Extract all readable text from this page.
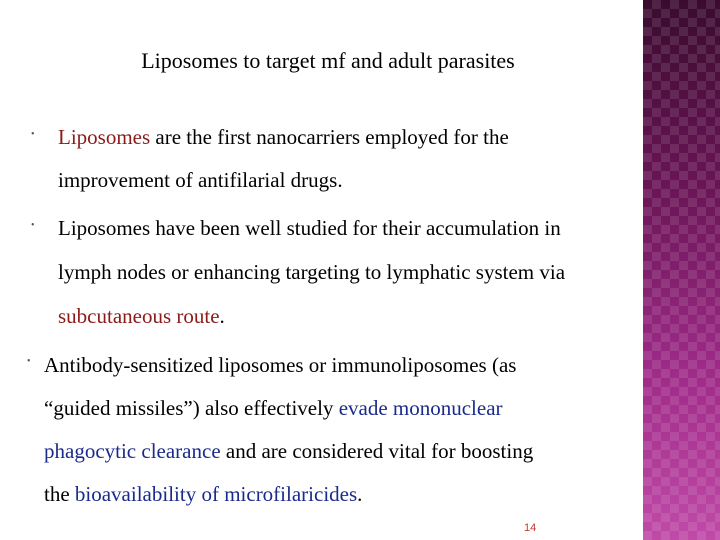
Liposomes to target mf and adult parasites
• Liposomes are the first nanocarriers employed for the
improvement of antifilarial drugs.
• Liposomes have been well studied for their accumulation in
lymph nodes or enhancing targeting to lymphatic system via
subcutaneous route.
• Antibody-sensitized liposomes or immunoliposomes (as
“guided missiles”) also effectively evade mononuclear
phagocytic clearance and are considered vital for boosting
the bioavailability of microfilaricides.
14
